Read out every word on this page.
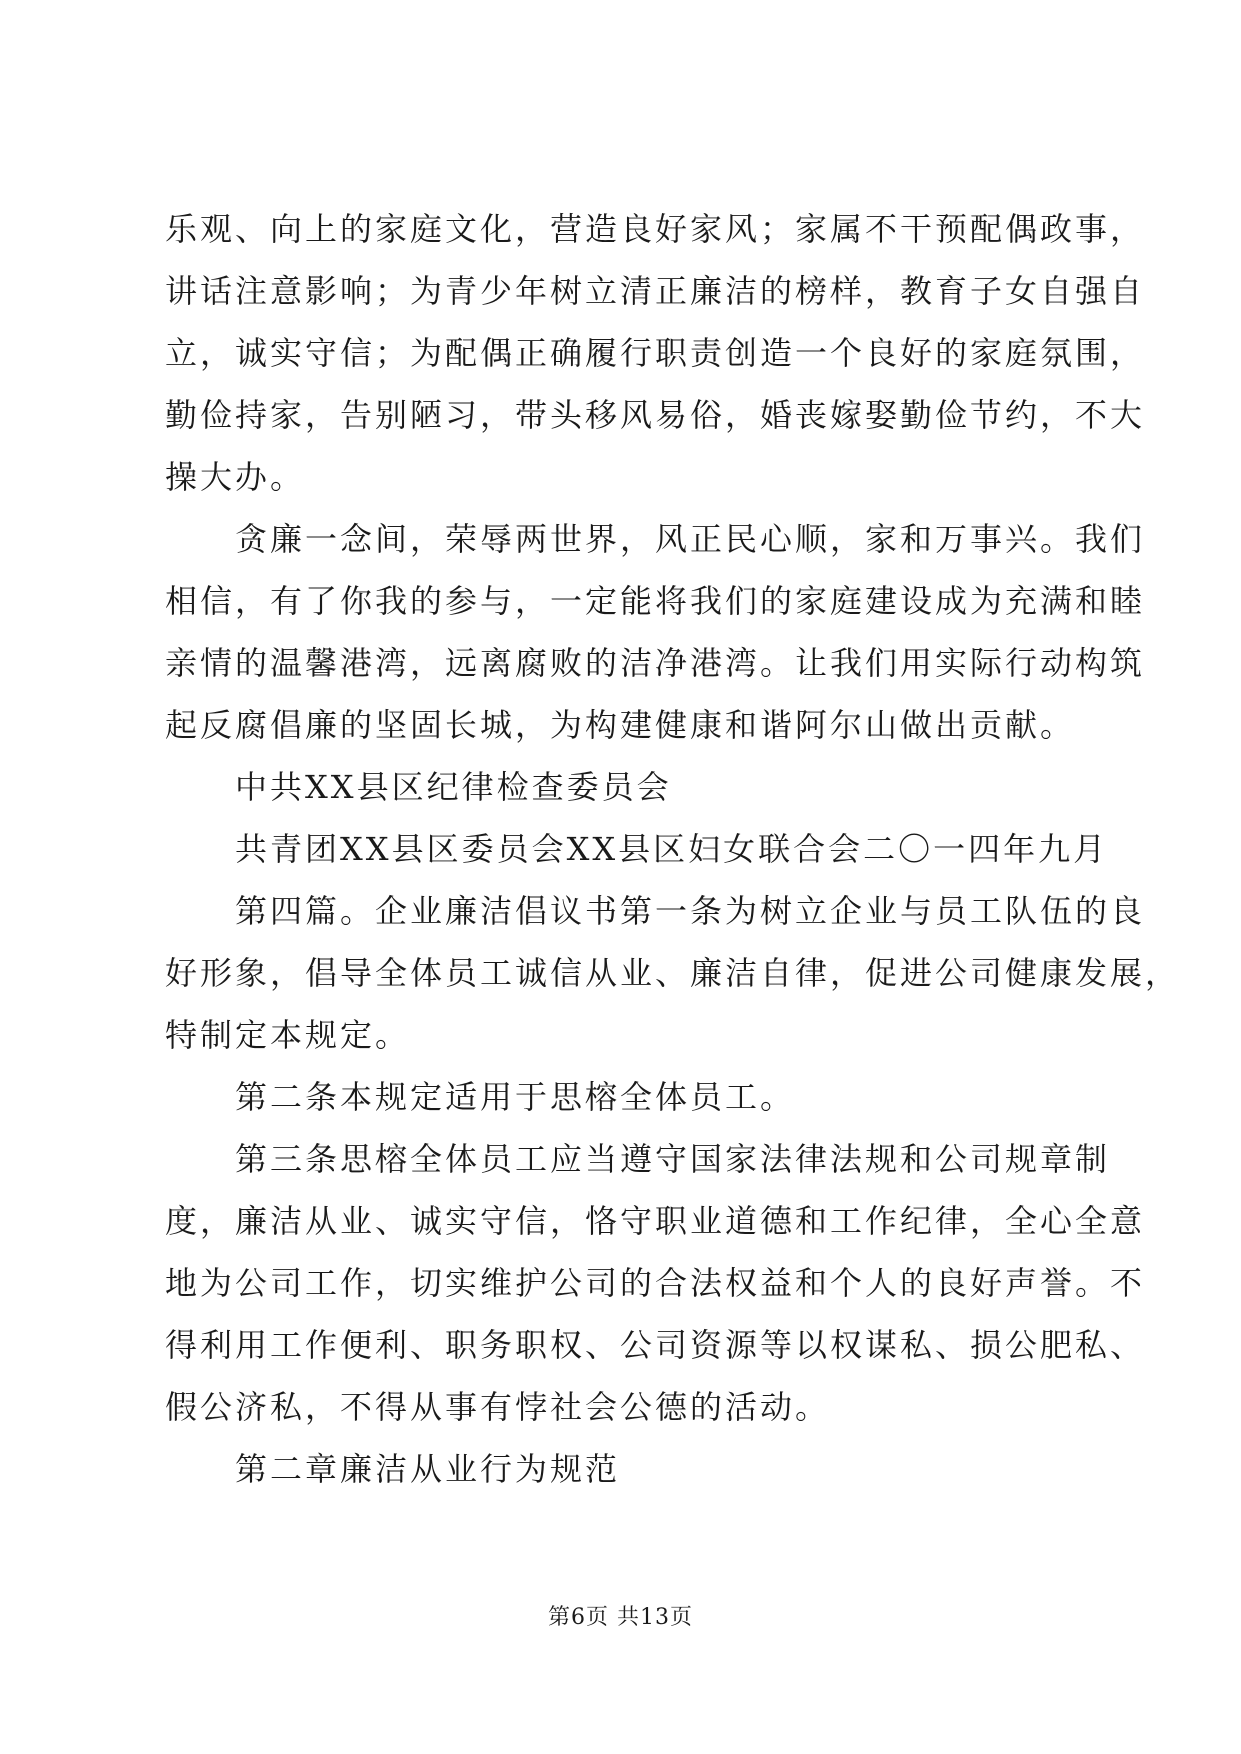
乐观、向上的家庭文化，营造良好家风；家属不干预配偶政事，
讲话注意影响；为青少年树立清正廉洁的榜样，教育子女自强自
立，诚实守信；为配偶正确履行职责创造一个良好的家庭氛围，
勤俭持家，告别陋习，带头移风易俗，婚丧嫁娶勤俭节约，不大
操大办。
　　贪廉一念间，荣辱两世界，风正民心顺，家和万事兴。我们
相信，有了你我的参与，一定能将我们的家庭建设成为充满和睦
亲情的温馨港湾，远离腐败的洁净港湾。让我们用实际行动构筑
起反腐倡廉的坚固长城，为构建健康和谐阿尔山做出贡献。
　　中共XX县区纪律检查委员会
　　共青团XX县区委员会XX县区妇女联合会二〇一四年九月
　　第四篇。企业廉洁倡议书第一条为树立企业与员工队伍的良
好形象，倡导全体员工诚信从业、廉洁自律，促进公司健康发展，
特制定本规定。
　　第二条本规定适用于思榕全体员工。
　　第三条思榕全体员工应当遵守国家法律法规和公司规章制
度，廉洁从业、诚实守信，恪守职业道德和工作纪律，全心全意
地为公司工作，切实维护公司的合法权益和个人的良好声誉。不
得利用工作便利、职务职权、公司资源等以权谋私、损公肥私、
假公济私，不得从事有悖社会公德的活动。
　　第二章廉洁从业行为规范
第6页 共13页
